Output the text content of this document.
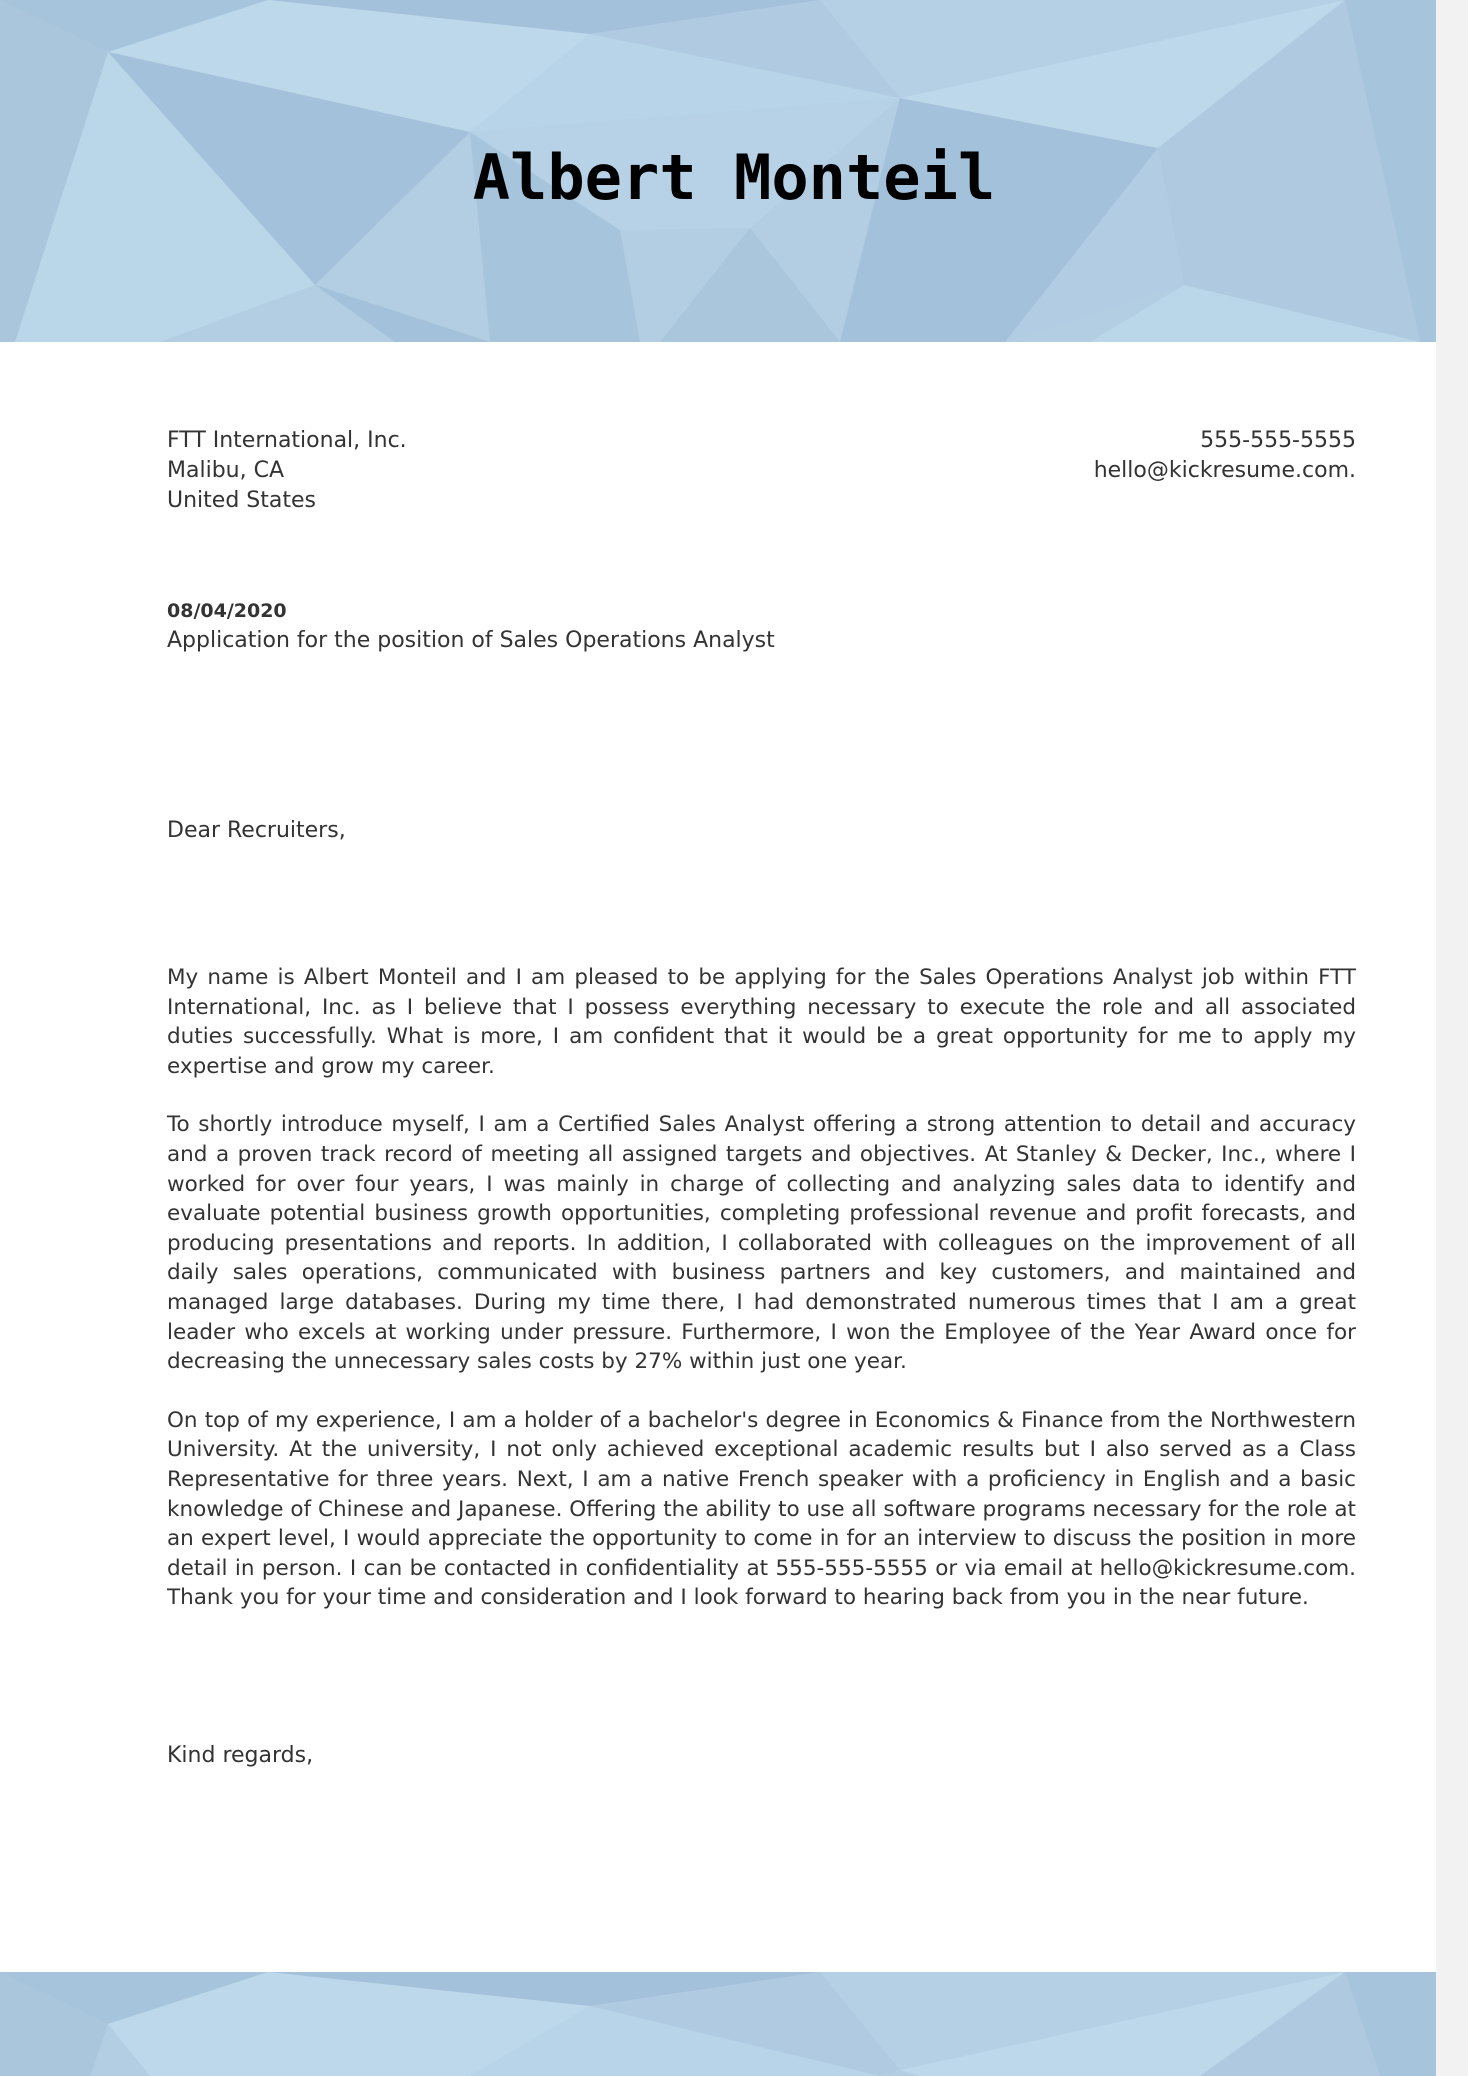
Albert Monteil
FTT International, Inc.
Malibu, CA
United States
555-555-5555
hello@kickresume.com.
08/04/2020
Application for the position of Sales Operations Analyst
Dear Recruiters,

My name is Albert Monteil and I am pleased to be applying for the Sales Operations Analyst job within FTT International, Inc. as I believe that I possess everything necessary to execute the role and all associated duties successfully. What is more, I am confident that it would be a great opportunity for me to apply my expertise and grow my career.

To shortly introduce myself, I am a Certified Sales Analyst offering a strong attention to detail and accuracy and a proven track record of meeting all assigned targets and objectives. At Stanley & Decker, Inc., where I worked for over four years, I was mainly in charge of collecting and analyzing sales data to identify and evaluate potential business growth opportunities, completing professional revenue and profit forecasts, and producing presentations and reports. In addition, I collaborated with colleagues on the improvement of all daily sales operations, communicated with business partners and key customers, and maintained and managed large databases. During my time there, I had demonstrated numerous times that I am a great leader who excels at working under pressure. Furthermore, I won the Employee of the Year Award once for decreasing the unnecessary sales costs by 27% within just one year.

On top of my experience, I am a holder of a bachelor's degree in Economics & Finance from the Northwestern University. At the university, I not only achieved exceptional academic results but I also served as a Class Representative for three years. Next, I am a native French speaker with a proficiency in English and a basic knowledge of Chinese and Japanese. Offering the ability to use all software programs necessary for the role at an expert level, I would appreciate the opportunity to come in for an interview to discuss the position in more detail in person. I can be contacted in confidentiality at 555-555-5555 or via email at hello@kickresume.com. Thank you for your time and consideration and I look forward to hearing back from you in the near future.

Kind regards,
